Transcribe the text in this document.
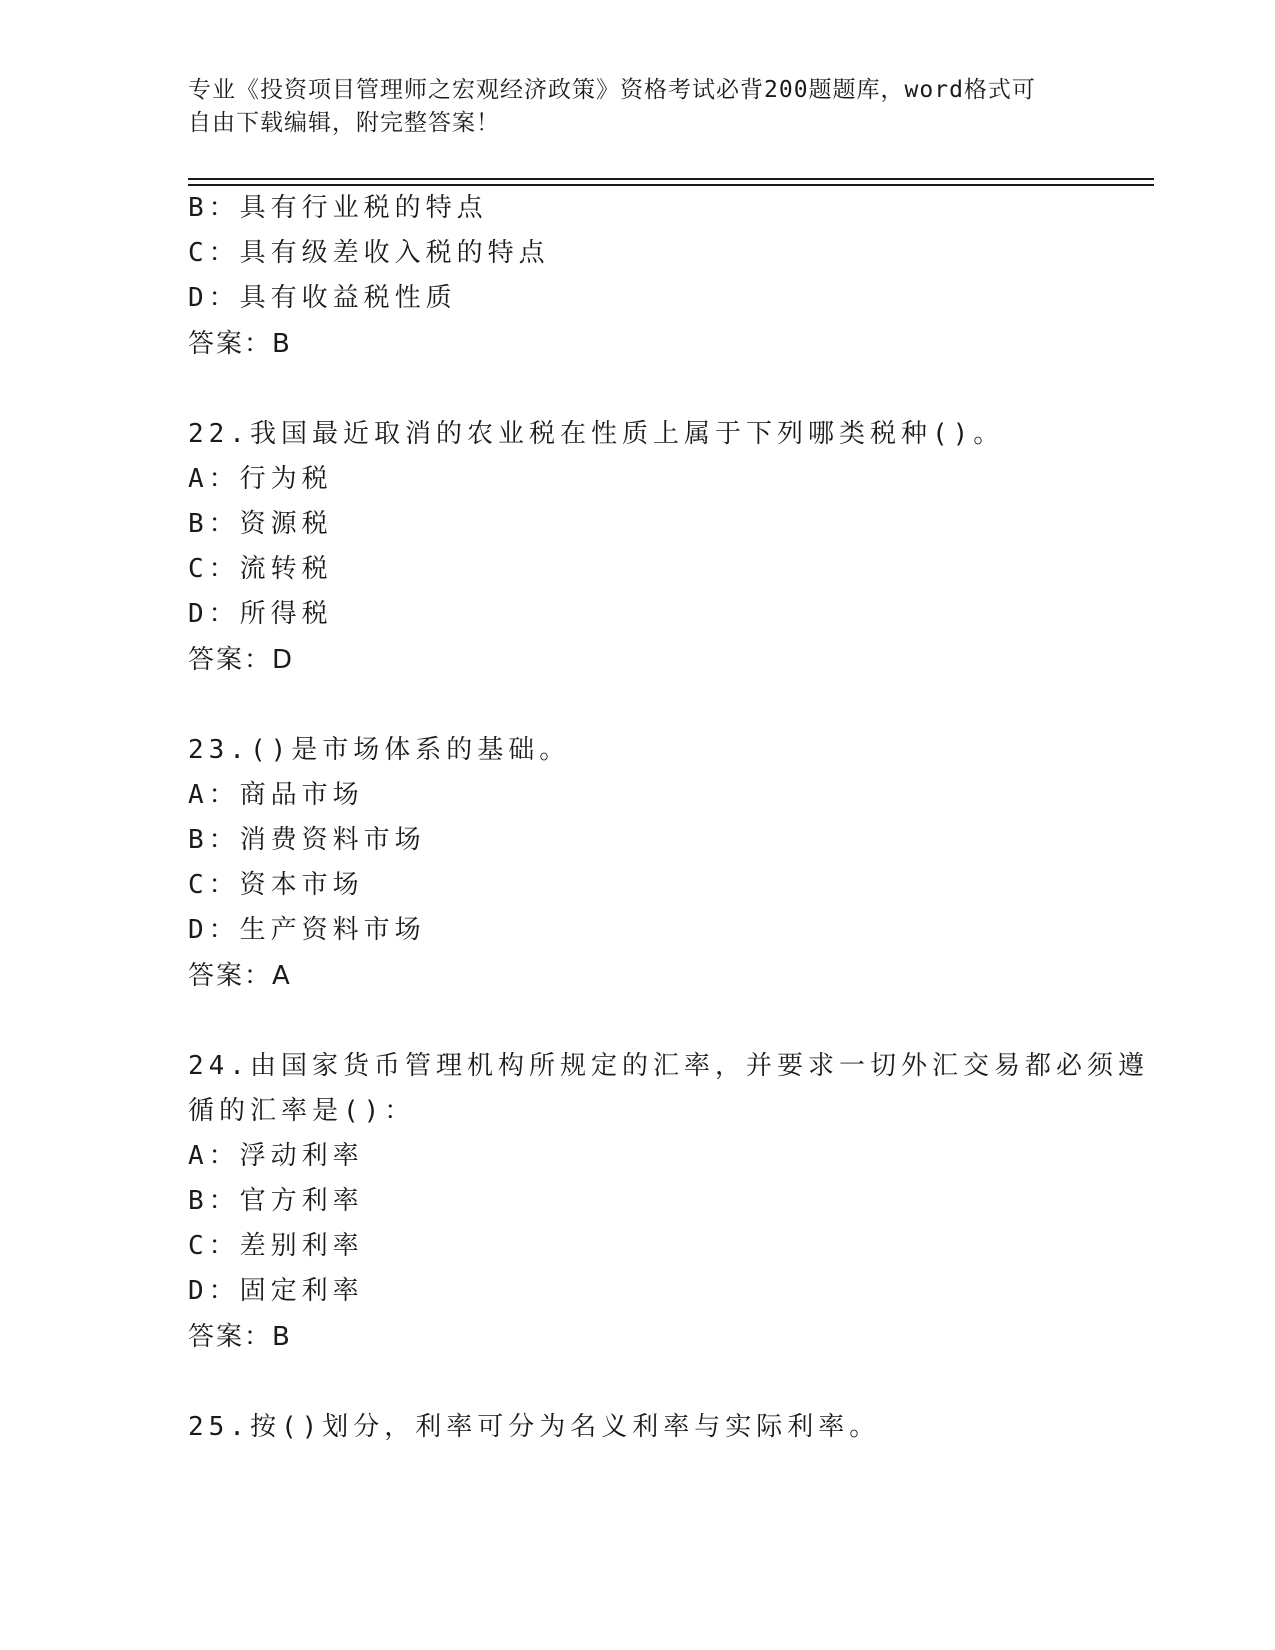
专业《投资项目管理师之宏观经济政策》资格考试必背200题题库，word格式可
自由下载编辑，附完整答案！
B：具有行业税的特点
C：具有级差收入税的特点
D：具有收益税性质
答案：B
22.我国最近取消的农业税在性质上属于下列哪类税种()。
A：行为税
B：资源税
C：流转税
D：所得税
答案：D
23.()是市场体系的基础。
A：商品市场
B：消费资料市场
C：资本市场
D：生产资料市场
答案：A
24.由国家货币管理机构所规定的汇率，并要求一切外汇交易都必须遵
循的汇率是()：
A：浮动利率
B：官方利率
C：差别利率
D：固定利率
答案：B
25.按()划分，利率可分为名义利率与实际利率。
